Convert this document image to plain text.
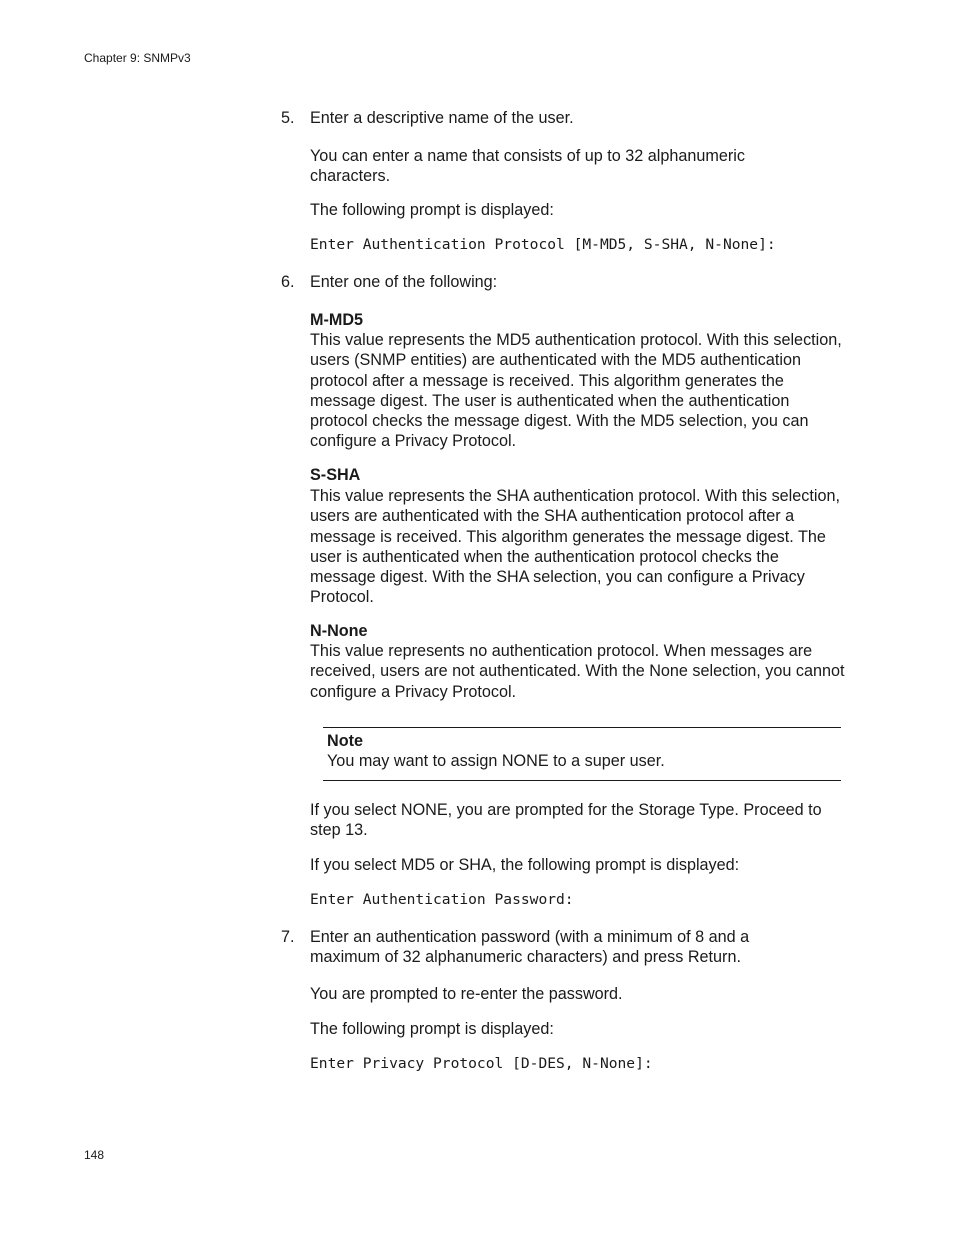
Chapter 9: SNMPv3
5. Enter a descriptive name of the user.
You can enter a name that consists of up to 32 alphanumeric characters.
The following prompt is displayed:
Enter Authentication Protocol [M-MD5, S-SHA, N-None]:
6. Enter one of the following:
M-MD5
This value represents the MD5 authentication protocol. With this selection, users (SNMP entities) are authenticated with the MD5 authentication protocol after a message is received. This algorithm generates the message digest. The user is authenticated when the authentication protocol checks the message digest. With the MD5 selection, you can configure a Privacy Protocol.
S-SHA
This value represents the SHA authentication protocol. With this selection, users are authenticated with the SHA authentication protocol after a message is received. This algorithm generates the message digest. The user is authenticated when the authentication protocol checks the message digest. With the SHA selection, you can configure a Privacy Protocol.
N-None
This value represents no authentication protocol. When messages are received, users are not authenticated. With the None selection, you cannot configure a Privacy Protocol.
Note
You may want to assign NONE to a super user.
If you select NONE, you are prompted for the Storage Type. Proceed to step 13.
If you select MD5 or SHA, the following prompt is displayed:
Enter Authentication Password:
7. Enter an authentication password (with a minimum of 8 and a maximum of 32 alphanumeric characters) and press Return.
You are prompted to re-enter the password.
The following prompt is displayed:
Enter Privacy Protocol [D-DES, N-None]:
148
